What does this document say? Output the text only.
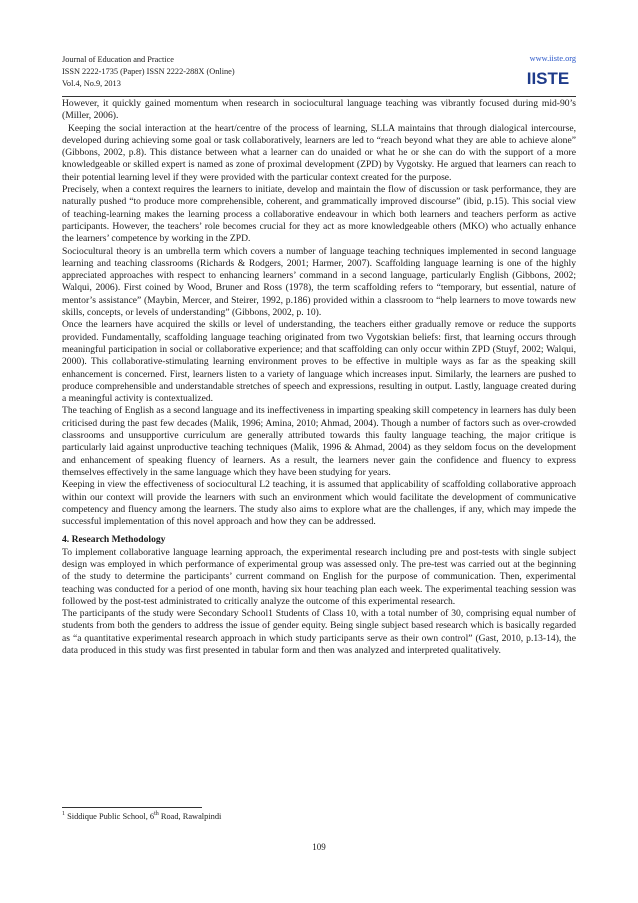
Journal of Education and Practice
ISSN 2222-1735 (Paper) ISSN 2222-288X (Online)
Vol.4, No.9, 2013
www.iiste.org
IISTE

However, it quickly gained momentum when research in sociocultural language teaching was vibrantly focused during mid-90’s (Miller, 2006).

Keeping the social interaction at the heart/centre of the process of learning, SLLA maintains that through dialogical intercourse, developed during achieving some goal or task collaboratively, learners are led to “reach beyond what they are able to achieve alone” (Gibbons, 2002, p.8). This distance between what a learner can do unaided or what he or she can do with the support of a more knowledgeable or skilled expert is named as zone of proximal development (ZPD) by Vygotsky. He argued that learners can reach to their potential learning level if they were provided with the particular context created for the purpose.

Precisely, when a context requires the learners to initiate, develop and maintain the flow of discussion or task performance, they are naturally pushed “to produce more comprehensible, coherent, and grammatically improved discourse” (ibid, p.15). This social view of teaching-learning makes the learning process a collaborative endeavour in which both learners and teachers perform as active participants. However, the teachers’ role becomes crucial for they act as more knowledgeable others (MKO) who actually enhance the learners’ competence by working in the ZPD.

Sociocultural theory is an umbrella term which covers a number of language teaching techniques implemented in second language learning and teaching classrooms (Richards & Rodgers, 2001; Harmer, 2007). Scaffolding language learning is one of the highly appreciated approaches with respect to enhancing learners’ command in a second language, particularly English (Gibbons, 2002; Walqui, 2006). First coined by Wood, Bruner and Ross (1978), the term scaffolding refers to “temporary, but essential, nature of mentor’s assistance” (Maybin, Mercer, and Steirer, 1992, p.186) provided within a classroom to “help learners to move towards new skills, concepts, or levels of understanding” (Gibbons, 2002, p. 10).

Once the learners have acquired the skills or level of understanding, the teachers either gradually remove or reduce the supports provided. Fundamentally, scaffolding language teaching originated from two Vygotskian beliefs: first, that learning occurs through meaningful participation in social or collaborative experience; and that scaffolding can only occur within ZPD (Stuyf, 2002; Walqui, 2000). This collaborative-stimulating learning environment proves to be effective in multiple ways as far as the speaking skill enhancement is concerned. First, learners listen to a variety of language which increases input. Similarly, the learners are pushed to produce comprehensible and understandable stretches of speech and expressions, resulting in output. Lastly, language created during a meaningful activity is contextualized.

The teaching of English as a second language and its ineffectiveness in imparting speaking skill competency in learners has duly been criticised during the past few decades (Malik, 1996; Amina, 2010; Ahmad, 2004). Though a number of factors such as over-crowded classrooms and unsupportive curriculum are generally attributed towards this faulty language teaching, the major critique is particularly laid against unproductive teaching techniques (Malik, 1996 & Ahmad, 2004) as they seldom focus on the development and enhancement of speaking fluency of learners. As a result, the learners never gain the confidence and fluency to express themselves effectively in the same language which they have been studying for years.

Keeping in view the effectiveness of sociocultural L2 teaching, it is assumed that applicability of scaffolding collaborative approach within our context will provide the learners with such an environment which would facilitate the development of communicative competency and fluency among the learners. The study also aims to explore what are the challenges, if any, which may impede the successful implementation of this novel approach and how they can be addressed.

4. Research Methodology

To implement collaborative language learning approach, the experimental research including pre and post-tests with single subject design was employed in which performance of experimental group was assessed only. The pre-test was carried out at the beginning of the study to determine the participants’ current command on English for the purpose of communication. Then, experimental teaching was conducted for a period of one month, having six hour teaching plan each week. The experimental teaching session was followed by the post-test administrated to critically analyze the outcome of this experimental research.

The participants of the study were Secondary School1 Students of Class 10, with a total number of 30, comprising equal number of students from both the genders to address the issue of gender equity. Being single subject based research which is basically regarded as “a quantitative experimental research approach in which study participants serve as their own control” (Gast, 2010, p.13-14), the data produced in this study was first presented in tabular form and then was analyzed and interpreted qualitatively.

$^1$ Siddique Public School, 6th Road, Rawalpindi
109
